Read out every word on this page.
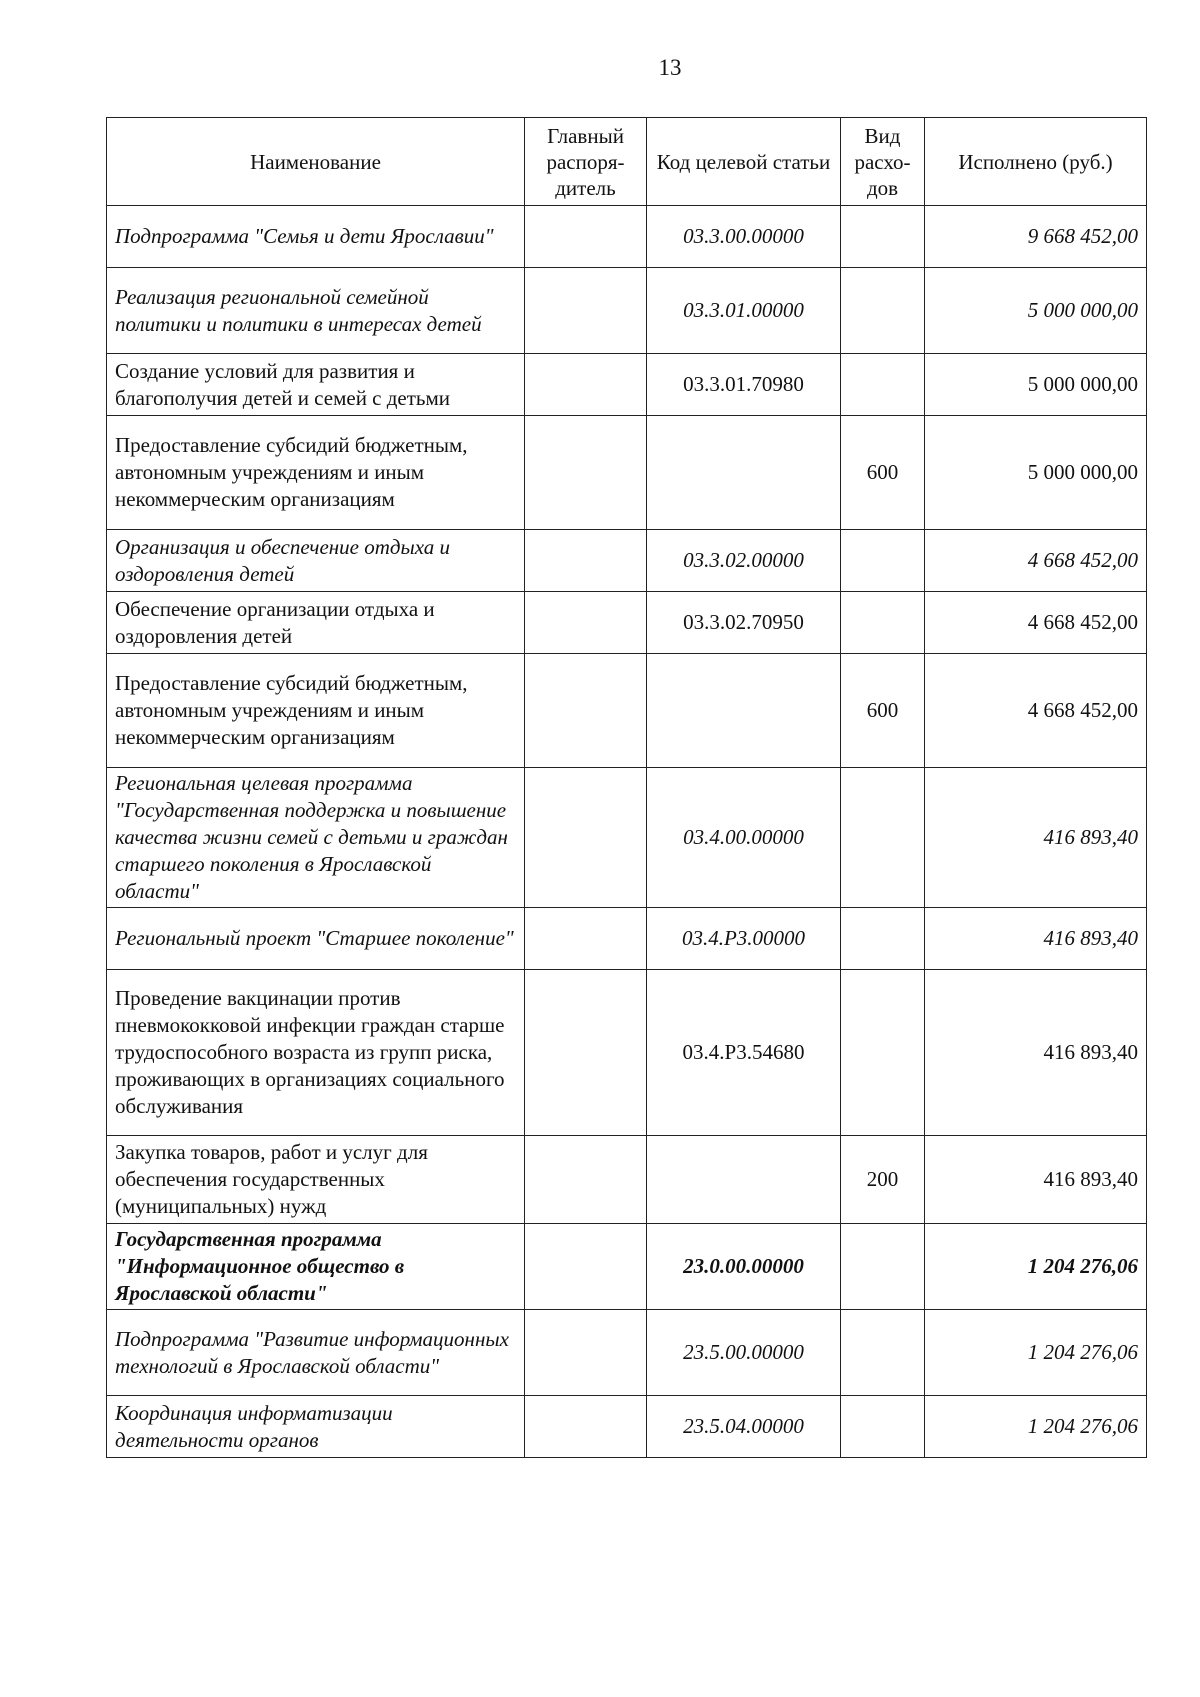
13
Наименование	Главный распоря-дитель	Код целевой статьи	Вид расхо-дов	Исполнено (руб.)
Подпрограмма "Семья и дети Ярославии"		03.3.00.00000		9 668 452,00
Реализация региональной семейной политики и политики в интересах детей		03.3.01.00000		5 000 000,00
Создание условий для развития и благополучия детей и семей с детьми		03.3.01.70980		5 000 000,00
Предоставление субсидий бюджетным, автономным учреждениям и иным некоммерческим организациям			600	5 000 000,00
Организация и обеспечение отдыха и оздоровления детей		03.3.02.00000		4 668 452,00
Обеспечение организации отдыха и оздоровления детей		03.3.02.70950		4 668 452,00
Предоставление субсидий бюджетным, автономным учреждениям и иным некоммерческим организациям			600	4 668 452,00
Региональная целевая программа "Государственная поддержка и повышение качества жизни семей с детьми и граждан старшего поколения в Ярославской области"		03.4.00.00000		416 893,40
Региональный проект "Старшее поколение"		03.4.P3.00000		416 893,40
Проведение вакцинации против пневмококковой инфекции граждан старше трудоспособного возраста из групп риска, проживающих в организациях социального обслуживания		03.4.P3.54680		416 893,40
Закупка товаров, работ и услуг для обеспечения государственных (муниципальных) нужд			200	416 893,40
Государственная программа "Информационное общество в Ярославской области"		23.0.00.00000		1 204 276,06
Подпрограмма "Развитие информационных технологий в Ярославской области"		23.5.00.00000		1 204 276,06
Координация информатизации деятельности органов		23.5.04.00000		1 204 276,06
